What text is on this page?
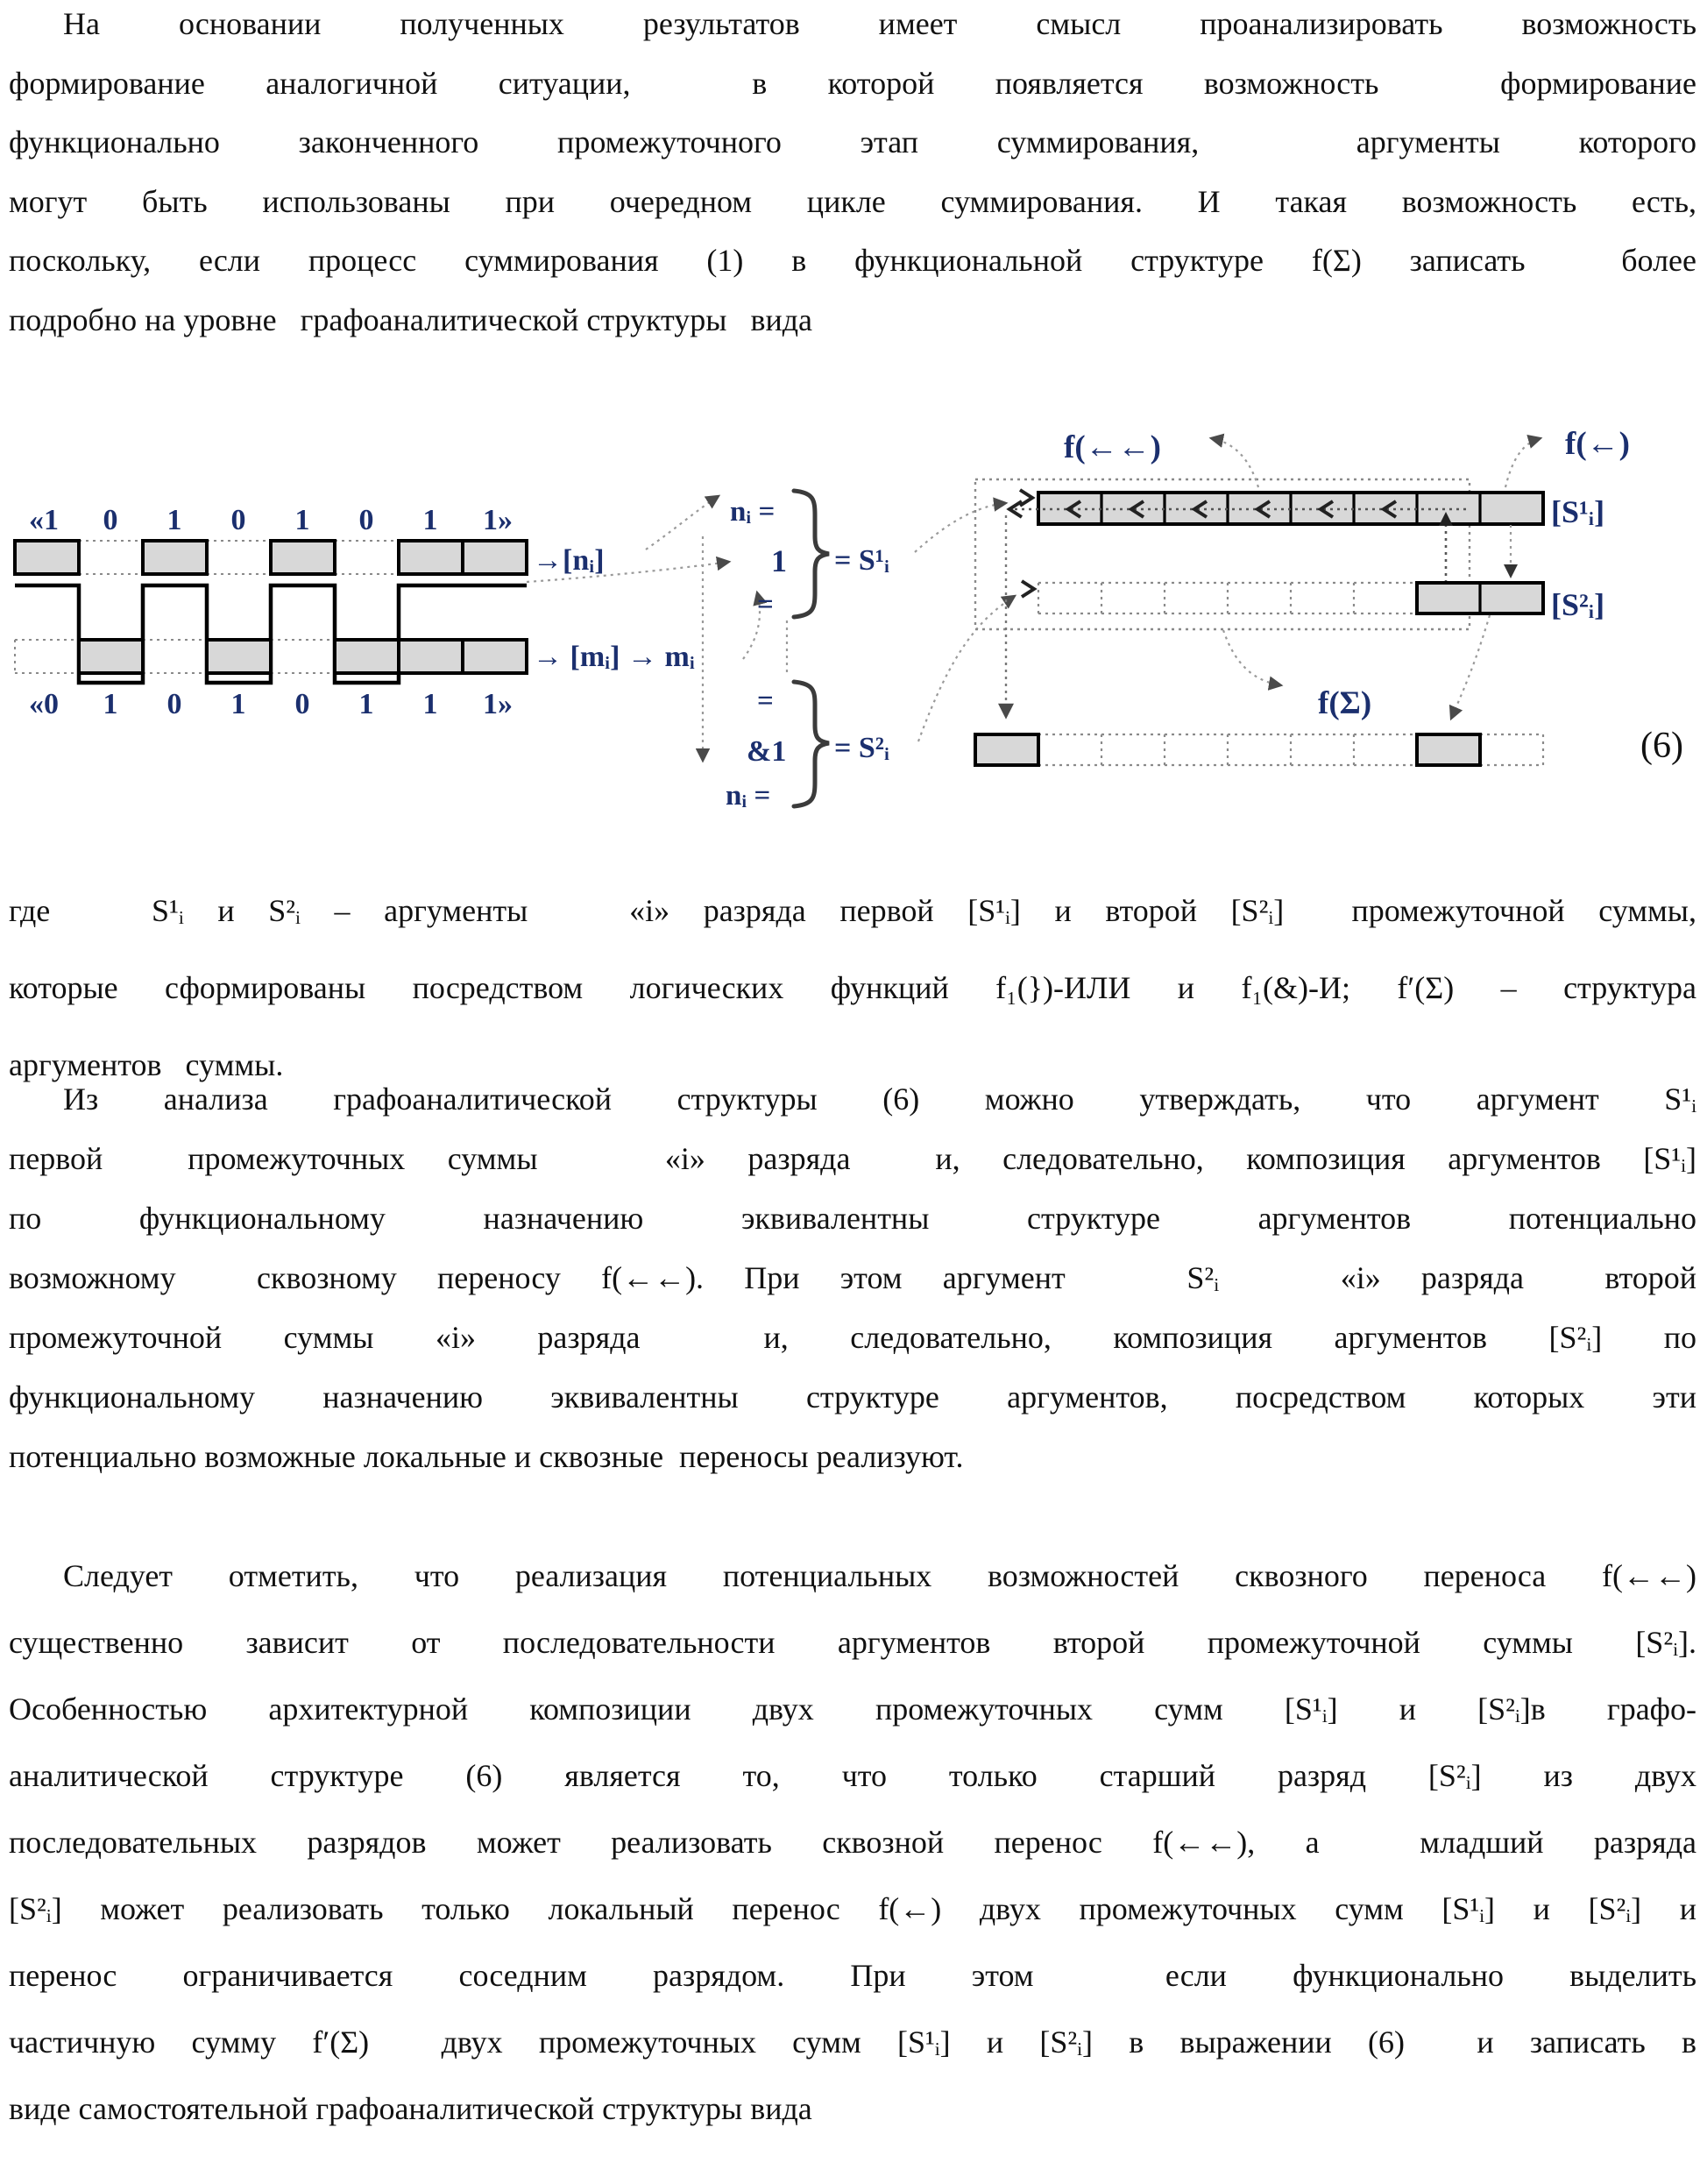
На основании полученных результатов имеет смысл проанализировать возможность
формирование аналогичной ситуации,  в которой появляется возможность  формирование
функционально законченного промежуточного этап суммирования,  аргументы которого
могут быть использованы при очередном цикле суммирования. И такая возможность есть,
поскольку, если процесс суммирования (1) в функциональной структуре f(Σ) записать  более
подробно на уровне   графоаналитической структуры   вида
«1 0 1 0 1 0 1 1»
→[nᵢ]
→ [mᵢ] → mᵢ
«0 1 0 1 0 1 1 1»
nᵢ =
1
=
= S¹ᵢ
=
&1 = S²ᵢ
nᵢ =
[S¹ᵢ]
[S²ᵢ]
f(←←)	f(←)
f(Σ)
(6)
где   S¹ᵢ и S²ᵢ – аргументы   «i» разряда первой [S¹ᵢ] и второй [S²ᵢ]  промежуточной суммы,
которые сформированы посредством логических функций f₁(})-ИЛИ и f₁(&)-И; f′(Σ) – структура
аргументов   суммы.
Из анализа графоаналитической структуры (6) можно утверждать, что аргумент S¹ᵢ
первой  промежуточных суммы   «i» разряда  и, следовательно, композиция аргументов [S¹ᵢ]
по функциональному назначению эквивалентны структуре аргументов потенциально
возможному  сквозному переносу f(←←). При этом аргумент   S²ᵢ   «i» разряда  второй
промежуточной суммы «i» разряда  и, следовательно, композиция аргументов [S²ᵢ] по
функциональному назначению эквивалентны структуре аргументов, посредством которых эти
потенциально возможные локальные и сквозные  переносы реализуют.
Следует отметить, что реализация потенциальных возможностей сквозного переноса f(←←)
существенно зависит от последовательности аргументов второй промежуточной суммы [S²ᵢ].
Особенностью архитектурной композиции двух промежуточных сумм [S¹ᵢ] и [S²ᵢ]в графо-
аналитической структуре (6) является то, что только старший разряд [S²ᵢ] из двух
последовательных разрядов может реализовать сквозной перенос f(←←), а  младший разряда
[S²ᵢ] может реализовать только локальный перенос f(←) двух промежуточных сумм [S¹ᵢ] и [S²ᵢ] и
перенос ограничивается соседним разрядом. При этом  если функционально выделить
частичную сумму f′(Σ)  двух промежуточных сумм [S¹ᵢ] и [S²ᵢ] в выражении (6)  и записать в
виде самостоятельной графоаналитической структуры вида
